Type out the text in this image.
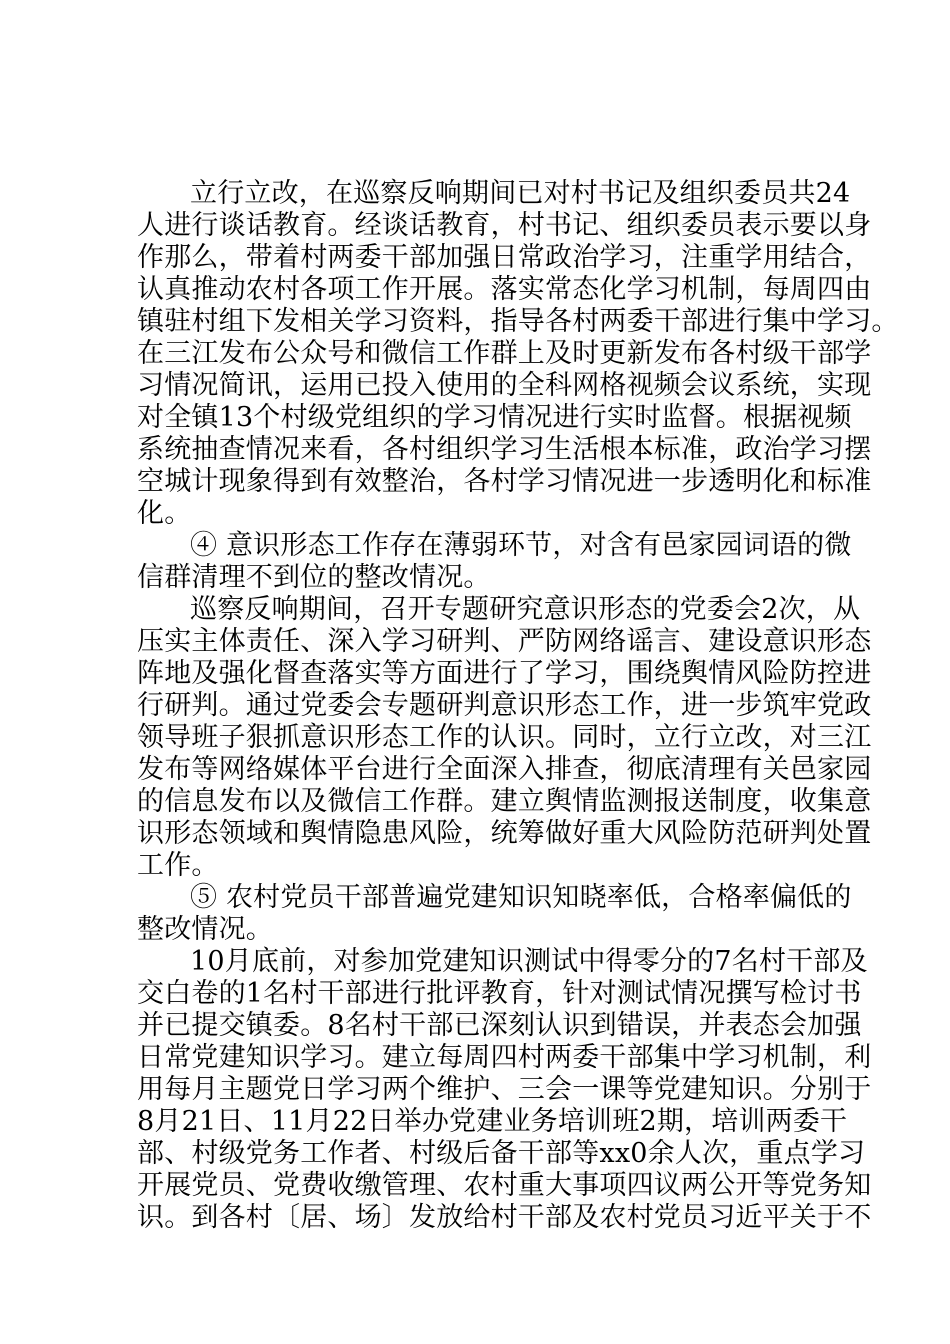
立行立改，在巡察反响期间已对村书记及组织委员共24
人进行谈话教育。经谈话教育，村书记、组织委员表示要以身
作那么，带着村两委干部加强日常政治学习，注重学用结合，
认真推动农村各项工作开展。落实常态化学习机制，每周四由
镇驻村组下发相关学习资料，指导各村两委干部进行集中学习。
在三江发布公众号和微信工作群上及时更新发布各村级干部学
习情况简讯，运用已投入使用的全科网格视频会议系统，实现
对全镇13个村级党组织的学习情况进行实时监督。根据视频
系统抽查情况来看，各村组织学习生活根本标准，政治学习摆
空城计现象得到有效整治，各村学习情况进一步透明化和标准
化。
④ 意识形态工作存在薄弱环节，对含有邑家园词语的微
信群清理不到位的整改情况。
巡察反响期间，召开专题研究意识形态的党委会2次，从
压实主体责任、深入学习研判、严防网络谣言、建设意识形态
阵地及强化督查落实等方面进行了学习，围绕舆情风险防控进
行研判。通过党委会专题研判意识形态工作，进一步筑牢党政
领导班子狠抓意识形态工作的认识。同时，立行立改，对三江
发布等网络媒体平台进行全面深入排查，彻底清理有关邑家园
的信息发布以及微信工作群。建立舆情监测报送制度，收集意
识形态领域和舆情隐患风险，统筹做好重大风险防范研判处置
工作。
⑤ 农村党员干部普遍党建知识知晓率低，合格率偏低的
整改情况。
10月底前，对参加党建知识测试中得零分的7名村干部及
交白卷的1名村干部进行批评教育，针对测试情况撰写检讨书
并已提交镇委。8名村干部已深刻认识到错误，并表态会加强
日常党建知识学习。建立每周四村两委干部集中学习机制，利
用每月主题党日学习两个维护、三会一课等党建知识。分别于
8月21日、11月22日举办党建业务培训班2期，培训两委干
部、村级党务工作者、村级后备干部等xx0余人次，重点学习
开展党员、党费收缴管理、农村重大事项四议两公开等党务知
识。到各村〔居、场〕发放给村干部及农村党员习近平关于不
